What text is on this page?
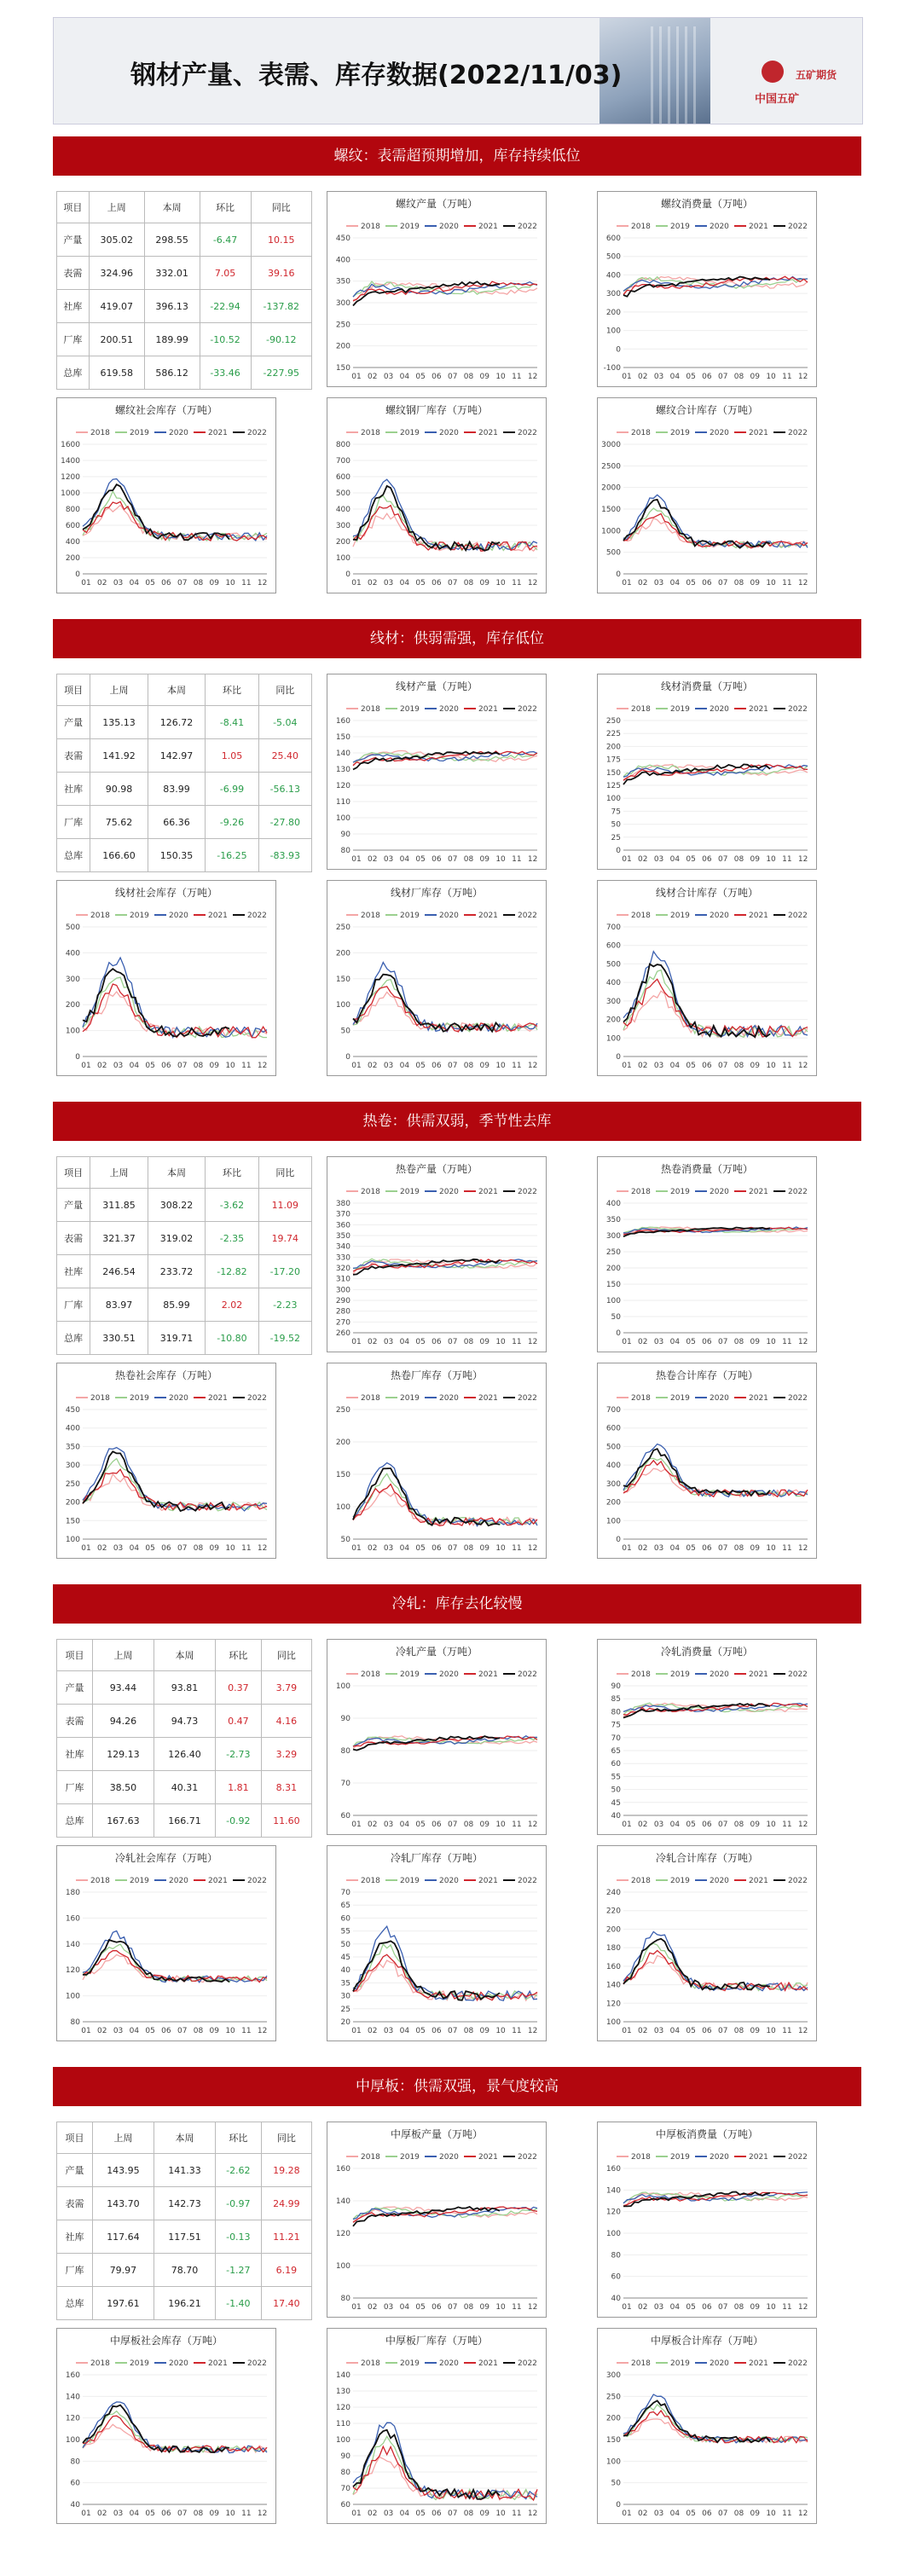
钢材产量、表需、库存数据(2022/11/03)	五矿期货
中国五矿
螺纹：表需超预期增加，库存持续低位
项目	上周	本周	环比	同比
产量	305.02	298.55	-6.47	10.15
表需	324.96	332.01	7.05	39.16
社库	419.07	396.13	-22.94	-137.82
厂库	200.51	189.99	-10.52	-90.12
总库	619.58	586.12	-33.46	-227.95
螺纹产量（万吨）
2018	2019	2020	2021	2022
150
200
250
300
350
400
450
01 02 03 04 05 06 07 08 09 10 11 12
螺纹消费量（万吨）
2018	2019	2020	2021	2022
-100
0
100
200
300
400
500
600
01 02 03 04 05 06 07 08 09 10 11 12
螺纹社会库存（万吨）
2018	2019	2020	2021	2022
0
200
400
600
800
1000
1200
1400
1600
01 02 03 04 05 06 07 08 09 10 11 12
螺纹钢厂库存（万吨）
2018	2019	2020	2021	2022
0
100
200
300
400
500
600
700
800
01 02 03 04 05 06 07 08 09 10 11 12
螺纹合计库存（万吨）
2018	2019	2020	2021	2022
0
500
1000
1500
2000
2500
3000
01 02 03 04 05 06 07 08 09 10 11 12
线材：供弱需强，库存低位
项目	上周	本周	环比	同比
产量	135.13	126.72	-8.41	-5.04
表需	141.92	142.97	1.05	25.40
社库	90.98	83.99	-6.99	-56.13
厂库	75.62	66.36	-9.26	-27.80
总库	166.60	150.35	-16.25	-83.93
线材产量（万吨）
2018	2019	2020	2021	2022
80
90
100
110
120
130
140
150
160
01 02 03 04 05 06 07 08 09 10 11 12
线材消费量（万吨）
2018	2019	2020	2021	2022
0
25
50
75
100
125
150
175
200
225
250
01 02 03 04 05 06 07 08 09 10 11 12
线材社会库存（万吨）
2018	2019	2020	2021	2022
0
100
200
300
400
500
01 02 03 04 05 06 07 08 09 10 11 12
线材厂库存（万吨）
2018	2019	2020	2021	2022
0
50
100
150
200
250
01 02 03 04 05 06 07 08 09 10 11 12
线材合计库存（万吨）
2018	2019	2020	2021	2022
0
100
200
300
400
500
600
700
01 02 03 04 05 06 07 08 09 10 11 12
热卷：供需双弱，季节性去库
项目	上周	本周	环比	同比
产量	311.85	308.22	-3.62	11.09
表需	321.37	319.02	-2.35	19.74
社库	246.54	233.72	-12.82	-17.20
厂库	83.97	85.99	2.02	-2.23
总库	330.51	319.71	-10.80	-19.52
热卷产量（万吨）
2018	2019	2020	2021	2022
260
270
280
290
300
310
320
330
340
350
360
370
380
01 02 03 04 05 06 07 08 09 10 11 12
热卷消费量（万吨）
2018	2019	2020	2021	2022
0
50
100
150
200
250
300
350
400
01 02 03 04 05 06 07 08 09 10 11 12
热卷社会库存（万吨）
2018	2019	2020	2021	2022
100
150
200
250
300
350
400
450
01 02 03 04 05 06 07 08 09 10 11 12
热卷厂库存（万吨）
2018	2019	2020	2021	2022
50
100
150
200
250
01 02 03 04 05 06 07 08 09 10 11 12
热卷合计库存（万吨）
2018	2019	2020	2021	2022
0
100
200
300
400
500
600
700
01 02 03 04 05 06 07 08 09 10 11 12
冷轧：库存去化较慢
项目	上周	本周	环比	同比
产量	93.44	93.81	0.37	3.79
表需	94.26	94.73	0.47	4.16
社库	129.13	126.40	-2.73	3.29
厂库	38.50	40.31	1.81	8.31
总库	167.63	166.71	-0.92	11.60
冷轧产量（万吨）
2018	2019	2020	2021	2022
60
70
80
90
100
01 02 03 04 05 06 07 08 09 10 11 12
冷轧消费量（万吨）
2018	2019	2020	2021	2022
40
45
50
55
60
65
70
75
80
85
90
01 02 03 04 05 06 07 08 09 10 11 12
冷轧社会库存（万吨）
2018	2019	2020	2021	2022
80
100
120
140
160
180
01 02 03 04 05 06 07 08 09 10 11 12
冷轧厂库存（万吨）
2018	2019	2020	2021	2022
20
25
30
35
40
45
50
55
60
65
70
01 02 03 04 05 06 07 08 09 10 11 12
冷轧合计库存（万吨）
2018	2019	2020	2021	2022
100
120
140
160
180
200
220
240
01 02 03 04 05 06 07 08 09 10 11 12
中厚板：供需双强，景气度较高
项目	上周	本周	环比	同比
产量	143.95	141.33	-2.62	19.28
表需	143.70	142.73	-0.97	24.99
社库	117.64	117.51	-0.13	11.21
厂库	79.97	78.70	-1.27	6.19
总库	197.61	196.21	-1.40	17.40
中厚板产量（万吨）
2018	2019	2020	2021	2022
80
100
120
140
160
01 02 03 04 05 06 07 08 09 10 11 12
中厚板消费量（万吨）
2018	2019	2020	2021	2022
40
60
80
100
120
140
160
01 02 03 04 05 06 07 08 09 10 11 12
中厚板社会库存（万吨）
2018	2019	2020	2021	2022
40
60
80
100
120
140
160
01 02 03 04 05 06 07 08 09 10 11 12
中厚板厂库存（万吨）
2018	2019	2020	2021	2022
60
70
80
90
100
110
120
130
140
01 02 03 04 05 06 07 08 09 10 11 12
中厚板合计库存（万吨）
2018	2019	2020	2021	2022
0
50
100
150
200
250
300
01 02 03 04 05 06 07 08 09 10 11 12
